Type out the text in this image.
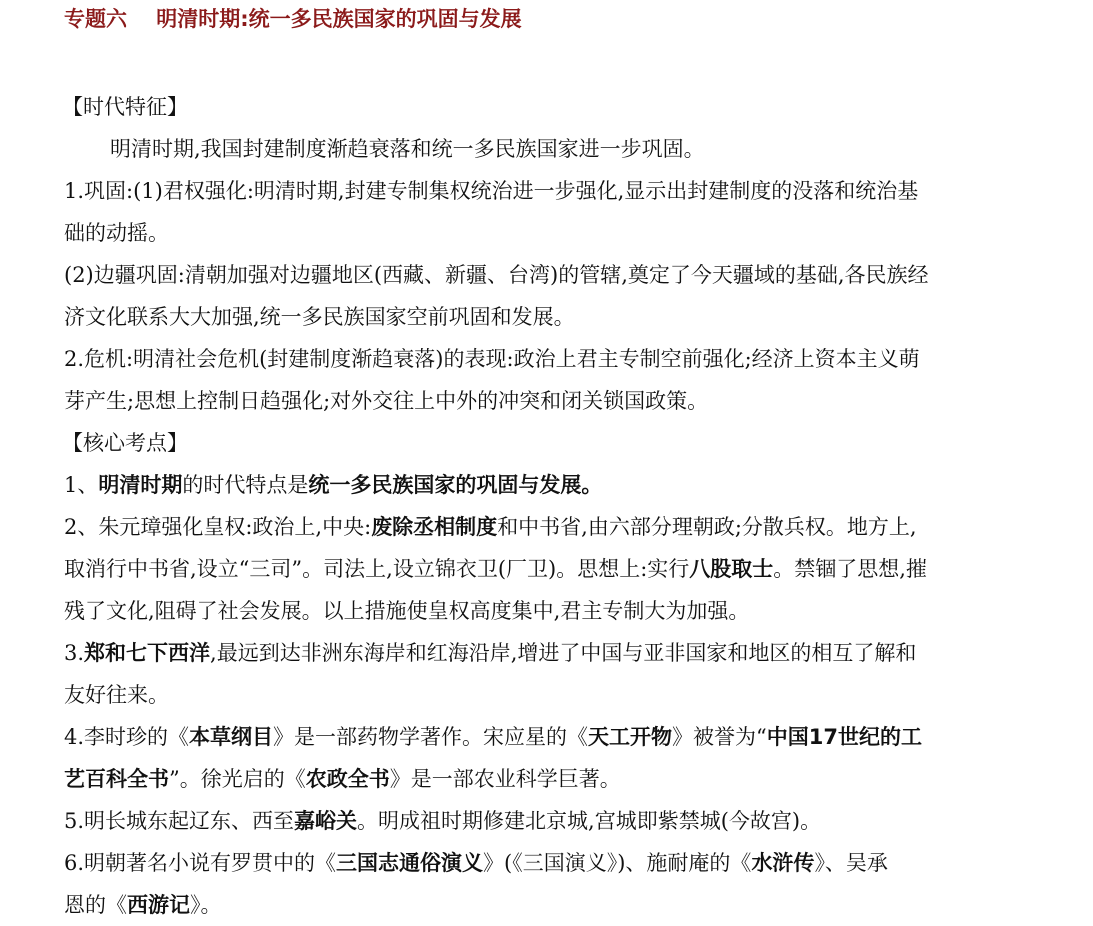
专题六    明清时期:统一多民族国家的巩固与发展
【时代特征】
明清时期,我国封建制度渐趋衰落和统一多民族国家进一步巩固。
1.巩固:(1)君权强化:明清时期,封建专制集权统治进一步强化,显示出封建制度的没落和统治基
础的动摇。
(2)边疆巩固:清朝加强对边疆地区(西藏、新疆、台湾)的管辖,奠定了今天疆域的基础,各民族经
济文化联系大大加强,统一多民族国家空前巩固和发展。
2.危机:明清社会危机(封建制度渐趋衰落)的表现:政治上君主专制空前强化;经济上资本主义萌
芽产生;思想上控制日趋强化;对外交往上中外的冲突和闭关锁国政策。
【核心考点】
1、明清时期的时代特点是统一多民族国家的巩固与发展。
2、朱元璋强化皇权:政治上,中央:废除丞相制度和中书省,由六部分理朝政;分散兵权。地方上,
取消行中书省,设立“三司”。司法上,设立锦衣卫(厂卫)。思想上:实行八股取士。禁锢了思想,摧
残了文化,阻碍了社会发展。以上措施使皇权高度集中,君主专制大为加强。
3.郑和七下西洋,最远到达非洲东海岸和红海沿岸,增进了中国与亚非国家和地区的相互了解和
友好往来。
4.李时珍的《本草纲目》是一部药物学著作。宋应星的《天工开物》被誉为“中国17世纪的工
艺百科全书”。徐光启的《农政全书》是一部农业科学巨著。
5.明长城东起辽东、西至嘉峪关。明成祖时期修建北京城,宫城即紫禁城(今故宫)。
6.明朝著名小说有罗贯中的《三国志通俗演义》(《三国演义》)、施耐庵的《水浒传》、吴承
恩的《西游记》。
